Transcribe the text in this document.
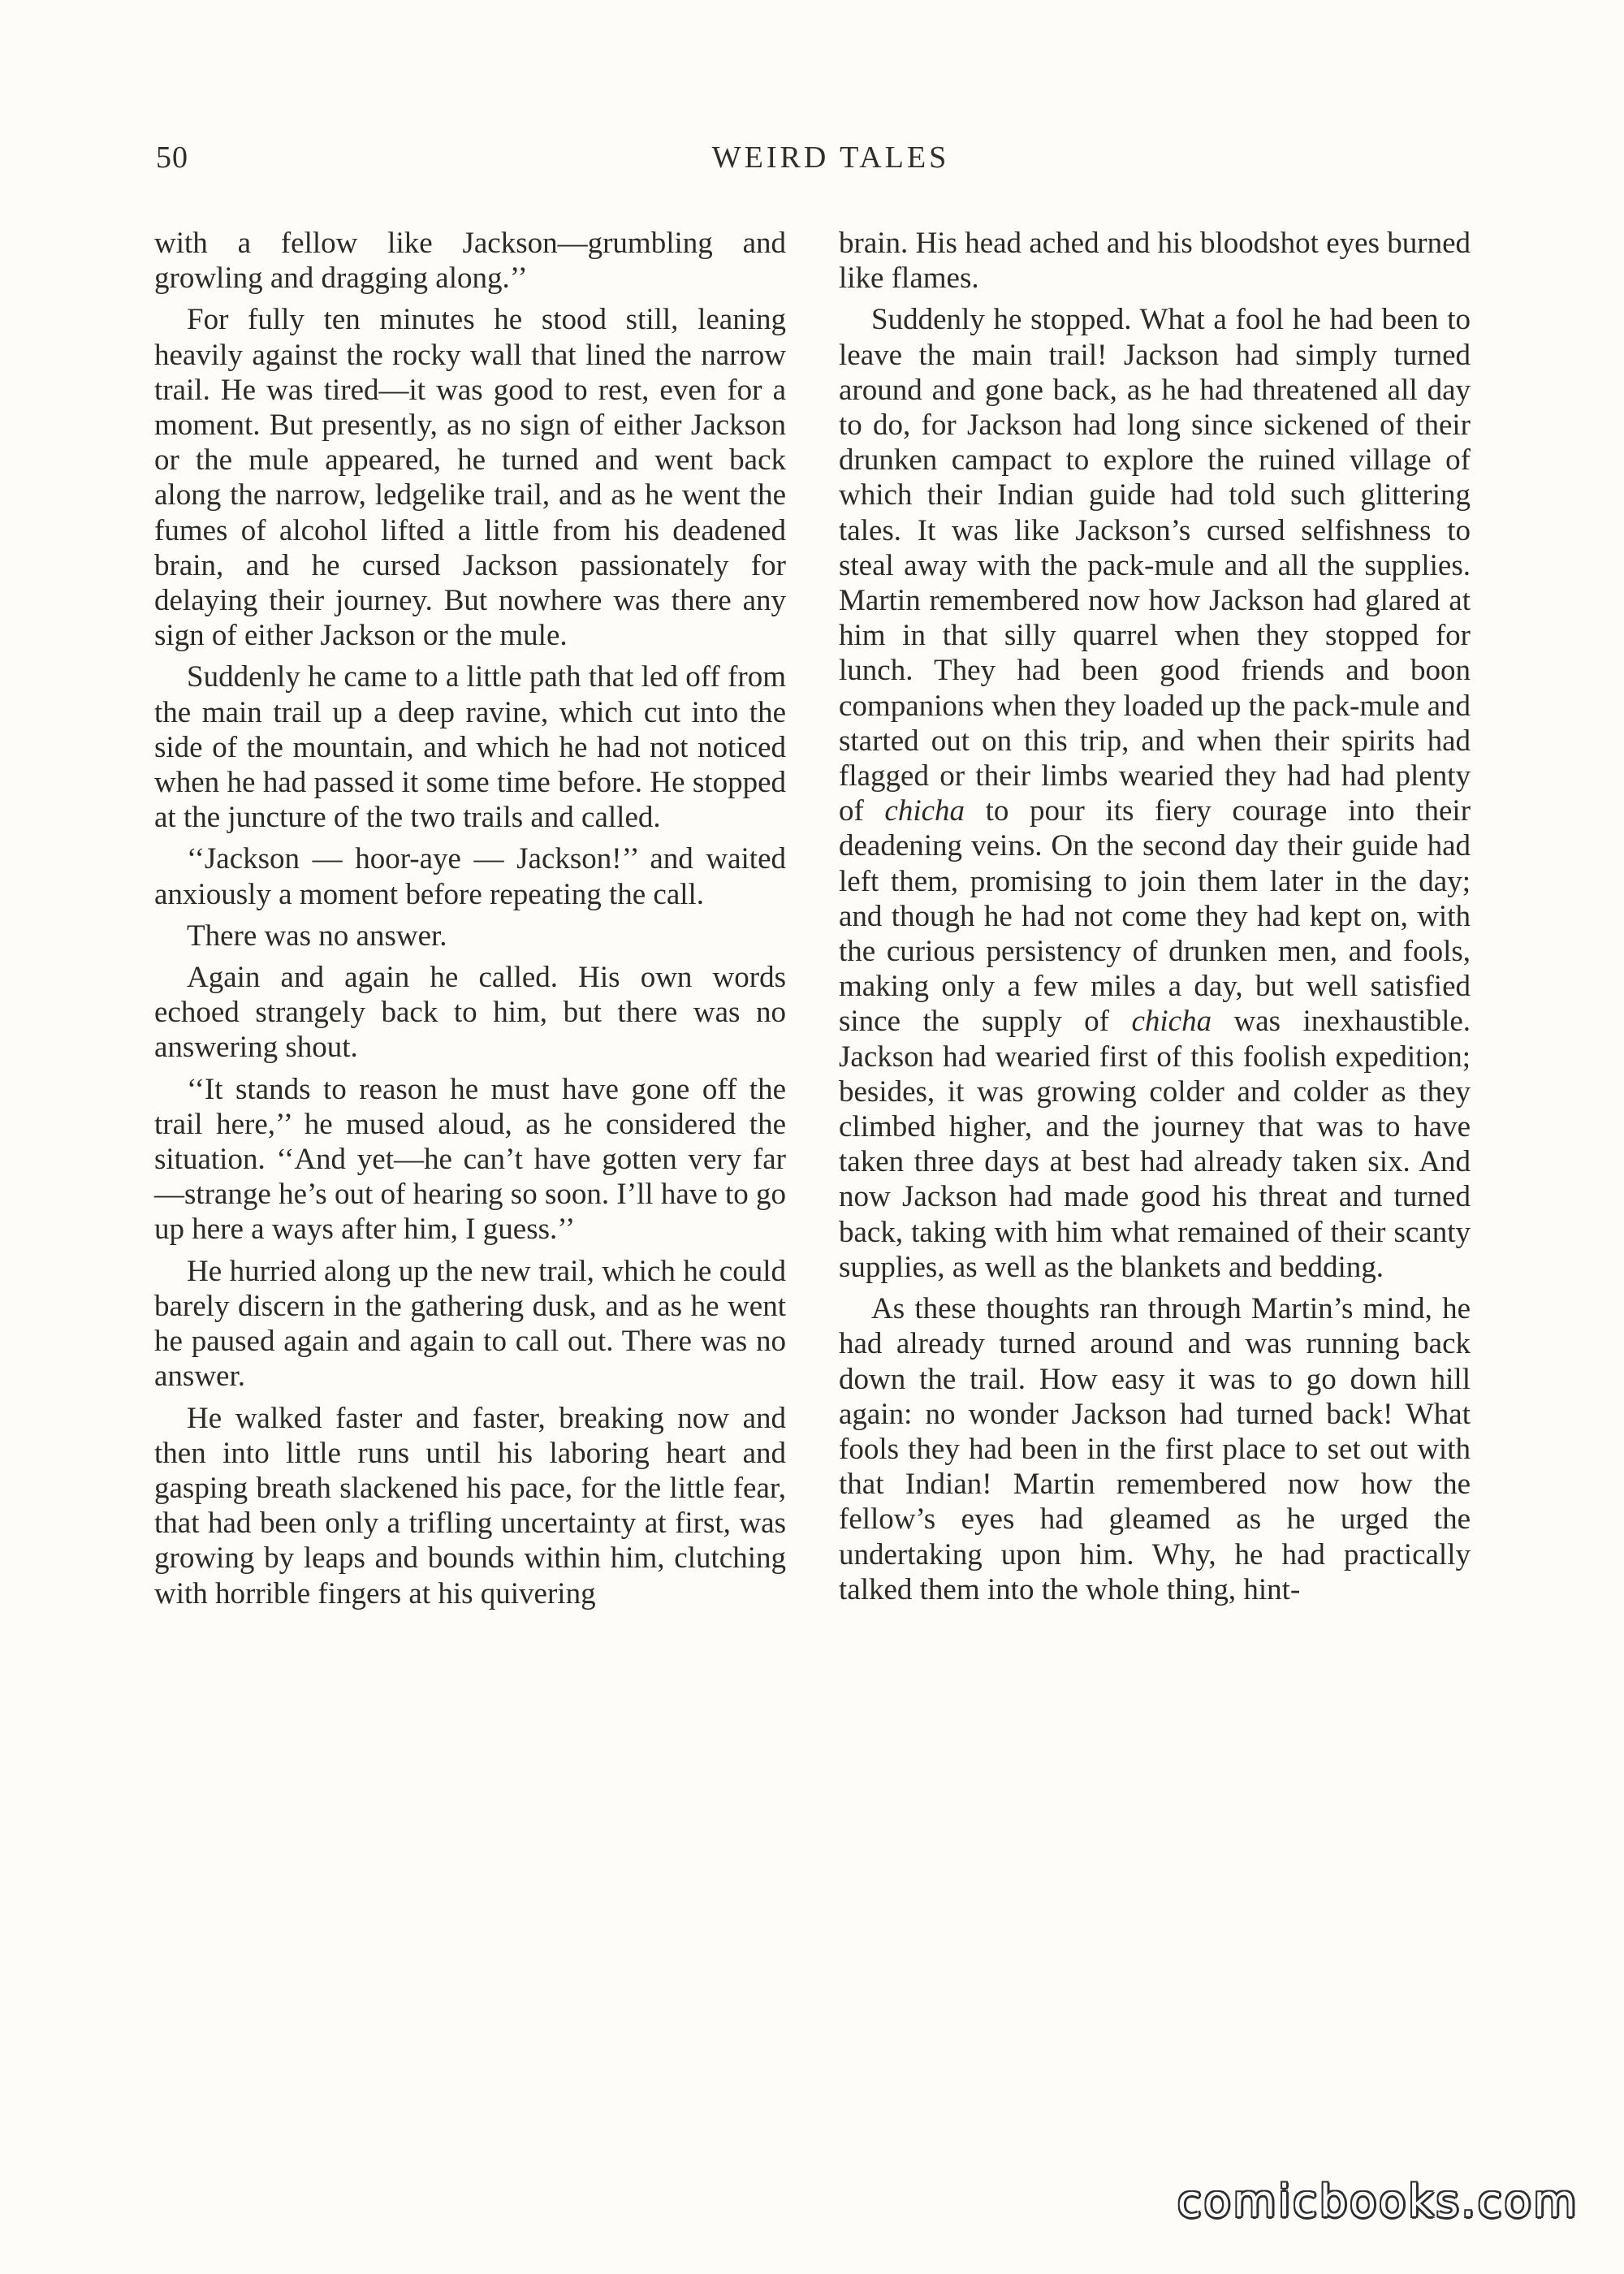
50	WEIRD TALES

with a fellow like Jackson—grumbling and growling and dragging along.’’

For fully ten minutes he stood still, leaning heavily against the rocky wall that lined the narrow trail. He was tired—it was good to rest, even for a moment. But presently, as no sign of either Jackson or the mule appeared, he turned and went back along the narrow, ledgelike trail, and as he went the fumes of alcohol lifted a little from his deadened brain, and he cursed Jackson passionately for delaying their journey. But nowhere was there any sign of either Jackson or the mule.

Suddenly he came to a little path that led off from the main trail up a deep ravine, which cut into the side of the mountain, and which he had not noticed when he had passed it some time before. He stopped at the juncture of the two trails and called.

‘‘Jackson — hoor-aye — Jackson!’’ and waited anxiously a moment before repeating the call.

There was no answer.

Again and again he called. His own words echoed strangely back to him, but there was no answering shout.

‘‘It stands to reason he must have gone off the trail here,’’ he mused aloud, as he considered the situation. ‘‘And yet—he can’t have gotten very far—strange he’s out of hearing so soon. I’ll have to go up here a ways after him, I guess.’’

He hurried along up the new trail, which he could barely discern in the gathering dusk, and as he went he paused again and again to call out. There was no answer.

He walked faster and faster, breaking now and then into little runs until his laboring heart and gasping breath slackened his pace, for the little fear, that had been only a trifling uncertainty at first, was growing by leaps and bounds within him, clutching with horrible fingers at his quivering

brain. His head ached and his bloodshot eyes burned like flames.

Suddenly he stopped. What a fool he had been to leave the main trail! Jackson had simply turned around and gone back, as he had threatened all day to do, for Jackson had long since sickened of their drunken campact to explore the ruined village of which their Indian guide had told such glittering tales. It was like Jackson’s cursed selfishness to steal away with the pack-mule and all the supplies. Martin remembered now how Jackson had glared at him in that silly quarrel when they stopped for lunch. They had been good friends and boon companions when they loaded up the pack-mule and started out on this trip, and when their spirits had flagged or their limbs wearied they had had plenty of chicha to pour its fiery courage into their deadening veins. On the second day their guide had left them, promising to join them later in the day; and though he had not come they had kept on, with the curious persistency of drunken men, and fools, making only a few miles a day, but well satisfied since the supply of chicha was inexhaustible. Jackson had wearied first of this foolish expedition; besides, it was growing colder and colder as they climbed higher, and the journey that was to have taken three days at best had already taken six. And now Jackson had made good his threat and turned back, taking with him what remained of their scanty supplies, as well as the blankets and bedding.

As these thoughts ran through Martin’s mind, he had already turned around and was running back down the trail. How easy it was to go down hill again: no wonder Jackson had turned back! What fools they had been in the first place to set out with that Indian! Martin remembered now how the fellow’s eyes had gleamed as he urged the undertaking upon him. Why, he had practically talked them into the whole thing, hint-

comicbooks.com
